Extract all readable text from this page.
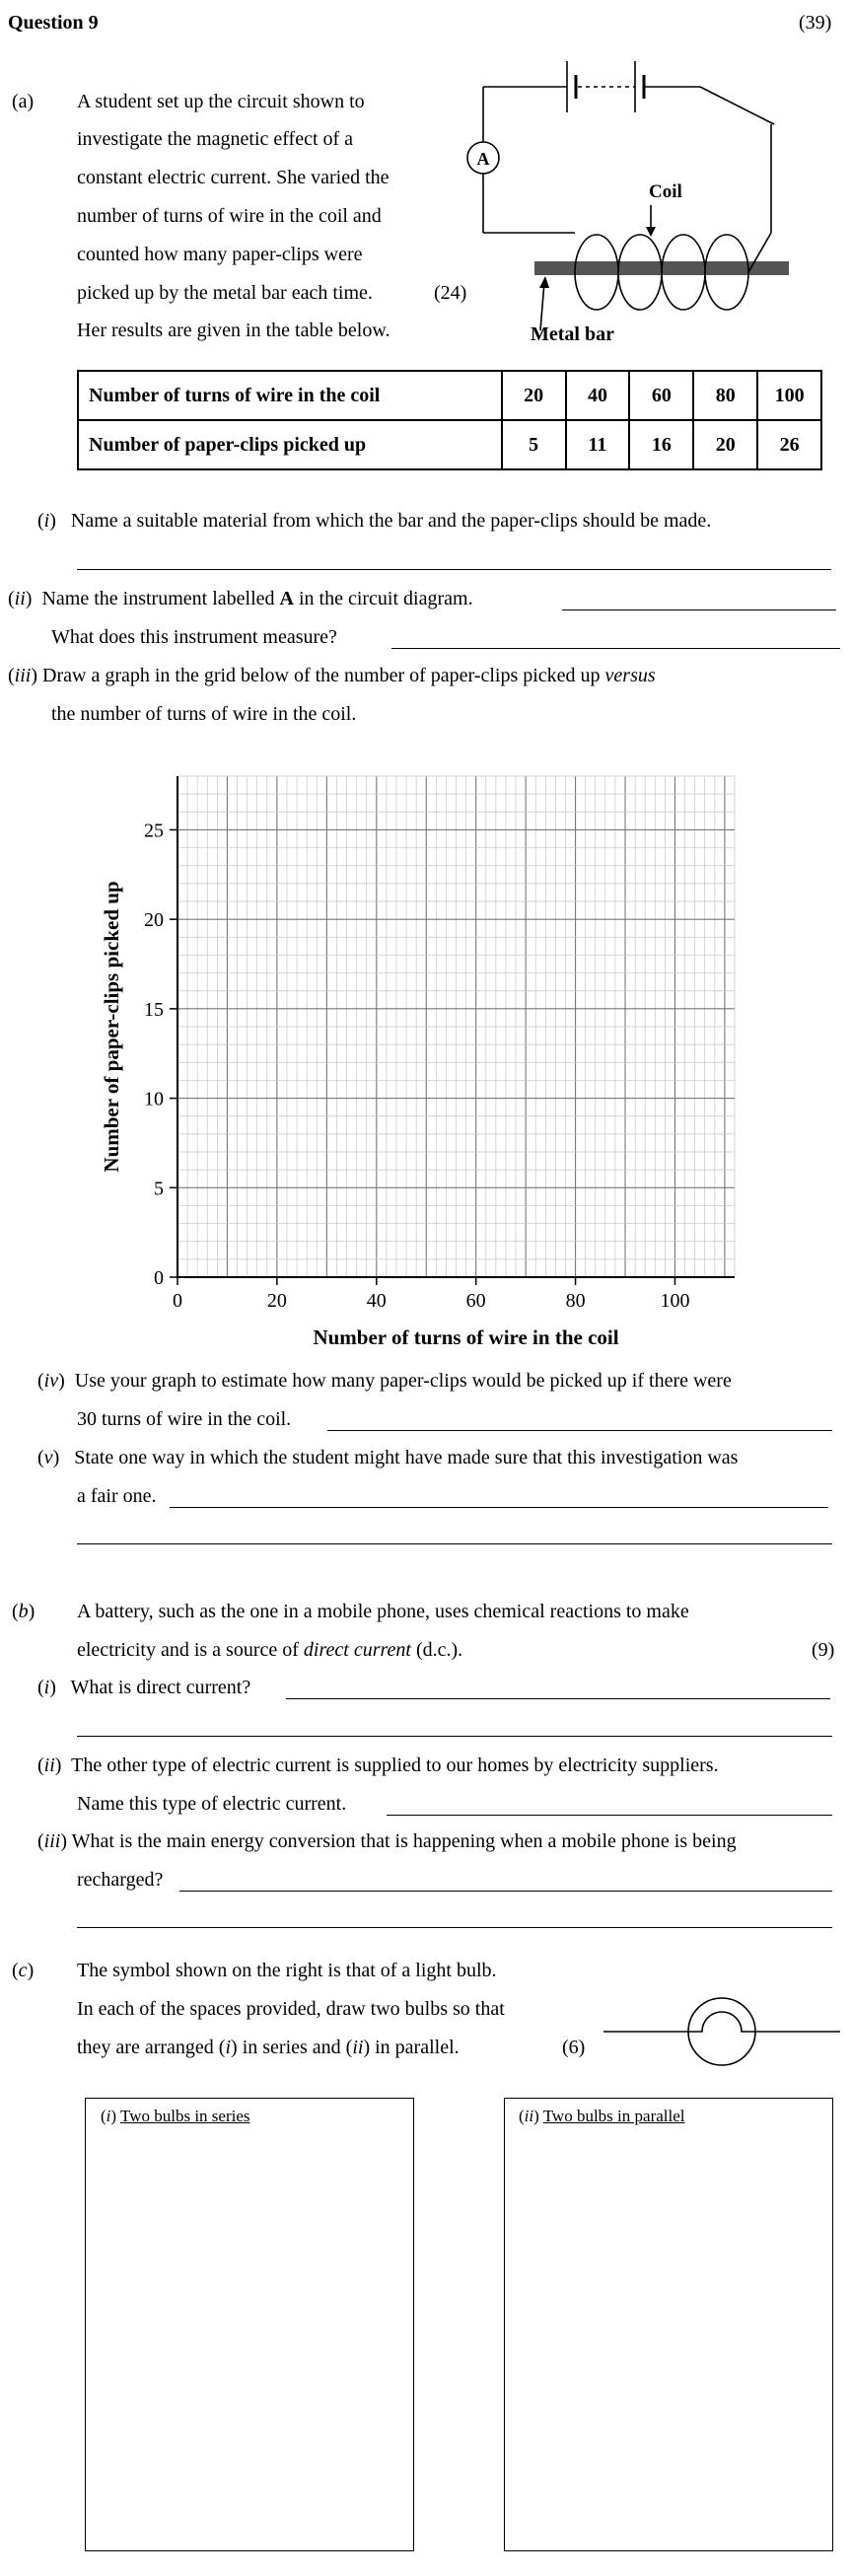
Question 9	(39)
(a) A student set up the circuit shown to
investigate the magnetic effect of a
constant electric current. She varied the
number of turns of wire in the coil and
counted how many paper-clips were
picked up by the metal bar each time.
Her results are given in the table below.
(24)
A
Coil
Metal bar
Number of turns of wire in the coil	20	40	60	80	100
Number of paper-clips picked up	5	11	16	20	26
(i)   Name a suitable material from which the bar and the paper-clips should be made.
(ii)  Name the instrument labelled A in the circuit diagram.
What does this instrument measure?
(iii) Draw a graph in the grid below of the number of paper-clips picked up versus
the number of turns of wire in the coil.
0
5
10
15
20
25
0	20	40	60	80	100
Number of turns of wire in the coil
Number of paper-clips picked up
(iv)  Use your graph to estimate how many paper-clips would be picked up if there were
30 turns of wire in the coil.
(v)   State one way in which the student might have made sure that this investigation was
a fair one.
(b) A battery, such as the one in a mobile phone, uses chemical reactions to make
electricity and is a source of direct current (d.c.).	(9)
(i)   What is direct current?
(ii)  The other type of electric current is supplied to our homes by electricity suppliers.
Name this type of electric current.
(iii) What is the main energy conversion that is happening when a mobile phone is being
recharged?
(c) The symbol shown on the right is that of a light bulb.
In each of the spaces provided, draw two bulbs so that
they are arranged (i) in series and (ii) in parallel.	(6)
(i) Two bulbs in series	(ii) Two bulbs in parallel
